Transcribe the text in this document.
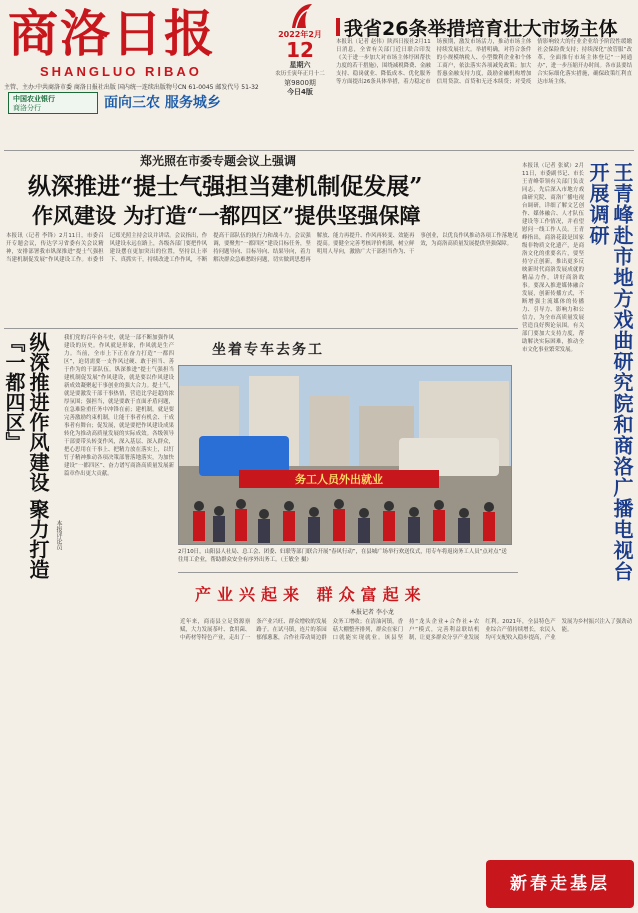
商洛日报
SHANGLUO RIBAO
主管、主办:中共商洛市委 商洛日报社出版 国内统一连续出版物号CN 61-0045 邮发代号 51-32
中国农业银行
商洛分行	面向三农 服务城乡
2022年2月
12
星期六
农历壬寅年正月十二
第9800期
今日4版
我省26条举措培育壮大市场主体
本报讯（记者 赵伟）陕西日报社2月11日消息，全省有关部门近日联合印发《关于进一步加大对市场主体纾困帮扶力度的若干措施》，围绕减税降费、金融支持、稳岗就业、降低成本、优化服务等方面提出26条具体举措，着力稳定市场预期，激发市场活力，推动市场主体持续发展壮大。举措明确，对符合条件的小规模纳税人、小型微利企业和个体工商户，依法落实各项减免政策；加大普惠金融支持力度，鼓励金融机构增加信用贷款、首贷和无还本续贷；对受疫情影响较大的行业企业给予阶段性缓缴社会保险费支持；持续深化“放管服”改革，全面推行市场主体登记“一网通办”，进一步压缩开办时间。各市县要结合实际细化落实措施，确保政策红利直达市场主体。
郑光照在市委专题会议上强调
纵深推进“提士气强担当建机制促发展”
作风建设 为打造“一都四区”提供坚强保障
本报讯（记者 李锋）2月11日，市委召开专题会议，传达学习省委有关会议精神，安排部署我市纵深推进“提士气强担当建机制促发展”作风建设工作。市委书记郑光照主持会议并讲话。会议指出，作风建设永远在路上，各级各部门要把作风建设摆在更加突出的位置，坚持以上率下、真抓实干，持续改进工作作风，不断提高干部队伍的执行力和战斗力。会议强调，要聚焦“一都四区”建设目标任务，坚持问题导向、目标导向、结果导向，着力解决群众急难愁盼问题，切实做到思想再解放、能力再提升、作风再转变、效能再提高。要健全完善考核评价机制，树立鲜明用人导向，激励广大干部担当作为、干事创业，以优良作风推动各项工作落地见效，为商洛高质量发展提供坚强保障。
纵深推进作风建设 聚力打造『一都四区』
本报评论员
我们党的百年奋斗史，就是一部不断加强作风建设的历史。作风就是形象，作风就是生产力。当前，全市上下正在奋力打造“一都四区”，迫切需要一支作风过硬、敢于担当、善于作为的干部队伍。纵深推进“提士气强担当建机制促发展”作风建设，就是要以作风建设新成效凝聚起干事创业的强大合力。提士气，就是要激发干部干事热情，营造比学赶超的浓厚氛围；强担当，就是要敢于直面矛盾问题，在急难险重任务中冲锋在前；建机制，就是要完善激励约束机制，让能干事者有机会、干成事者有舞台；促发展，就是要把作风建设成果转化为推动高质量发展的实际成效。各级领导干部要带头转变作风，深入基层、深入群众，把心思用在干事上、把精力放在落实上，以钉钉子精神推动各项决策部署落地落实，为加快建设“一都四区”、奋力谱写商洛高质量发展新篇章作出更大贡献。
坐着专车去务工
务工人员外出就业
2月10日，山阳县人社局、总工会、团委、妇联等部门联合开展“春风行动”，在县城广场举行欢送仪式，用专车将返岗务工人员“点对点”送往用工企业，帮助群众安全有序外出务工。（王敏全 摄）
产业兴起来 群众富起来
本报记者 李小龙
近年来，商南县立足资源禀赋，大力发展茶叶、食用菌、中药材等特色产业，走出了一条产业兴旺、群众增收的发展路子。在试马镇，连片的茶园郁郁葱葱，合作社带动周边群众务工增收；在清油河镇，香菇大棚整齐排列，群众在家门口就能实现就业。该县坚持“龙头企业+合作社+农户”模式，完善利益联结机制，让更多群众分享产业发展红利。2021年，全县特色产业综合产值持续增长，农民人均可支配收入稳步提高，产业发展为乡村振兴注入了强劲动能。
本报讯（记者 张斌）2月11日，市委副书记、市长王青峰带领有关部门负责同志，先后深入市地方戏曲研究院、商洛广播电视台调研，详细了解文艺创作、媒体融合、人才队伍建设等工作情况，并看望慰问一线工作人员。王青峰指出，商洛花鼓是国家级非物质文化遗产，是商洛文化的重要名片，要坚持守正创新，推出更多反映新时代商洛发展成就的精品力作，讲好商洛故事。要深入推进媒体融合发展，创新传播方式，不断增强主流媒体的传播力、引导力、影响力和公信力，为全市高质量发展营造良好舆论氛围。有关部门要加大支持力度，帮助解决实际困难，推动全市文化事业繁荣发展。	王青峰赴市地方戏曲研究院和商洛广播电视台开展调研
新春走基层
